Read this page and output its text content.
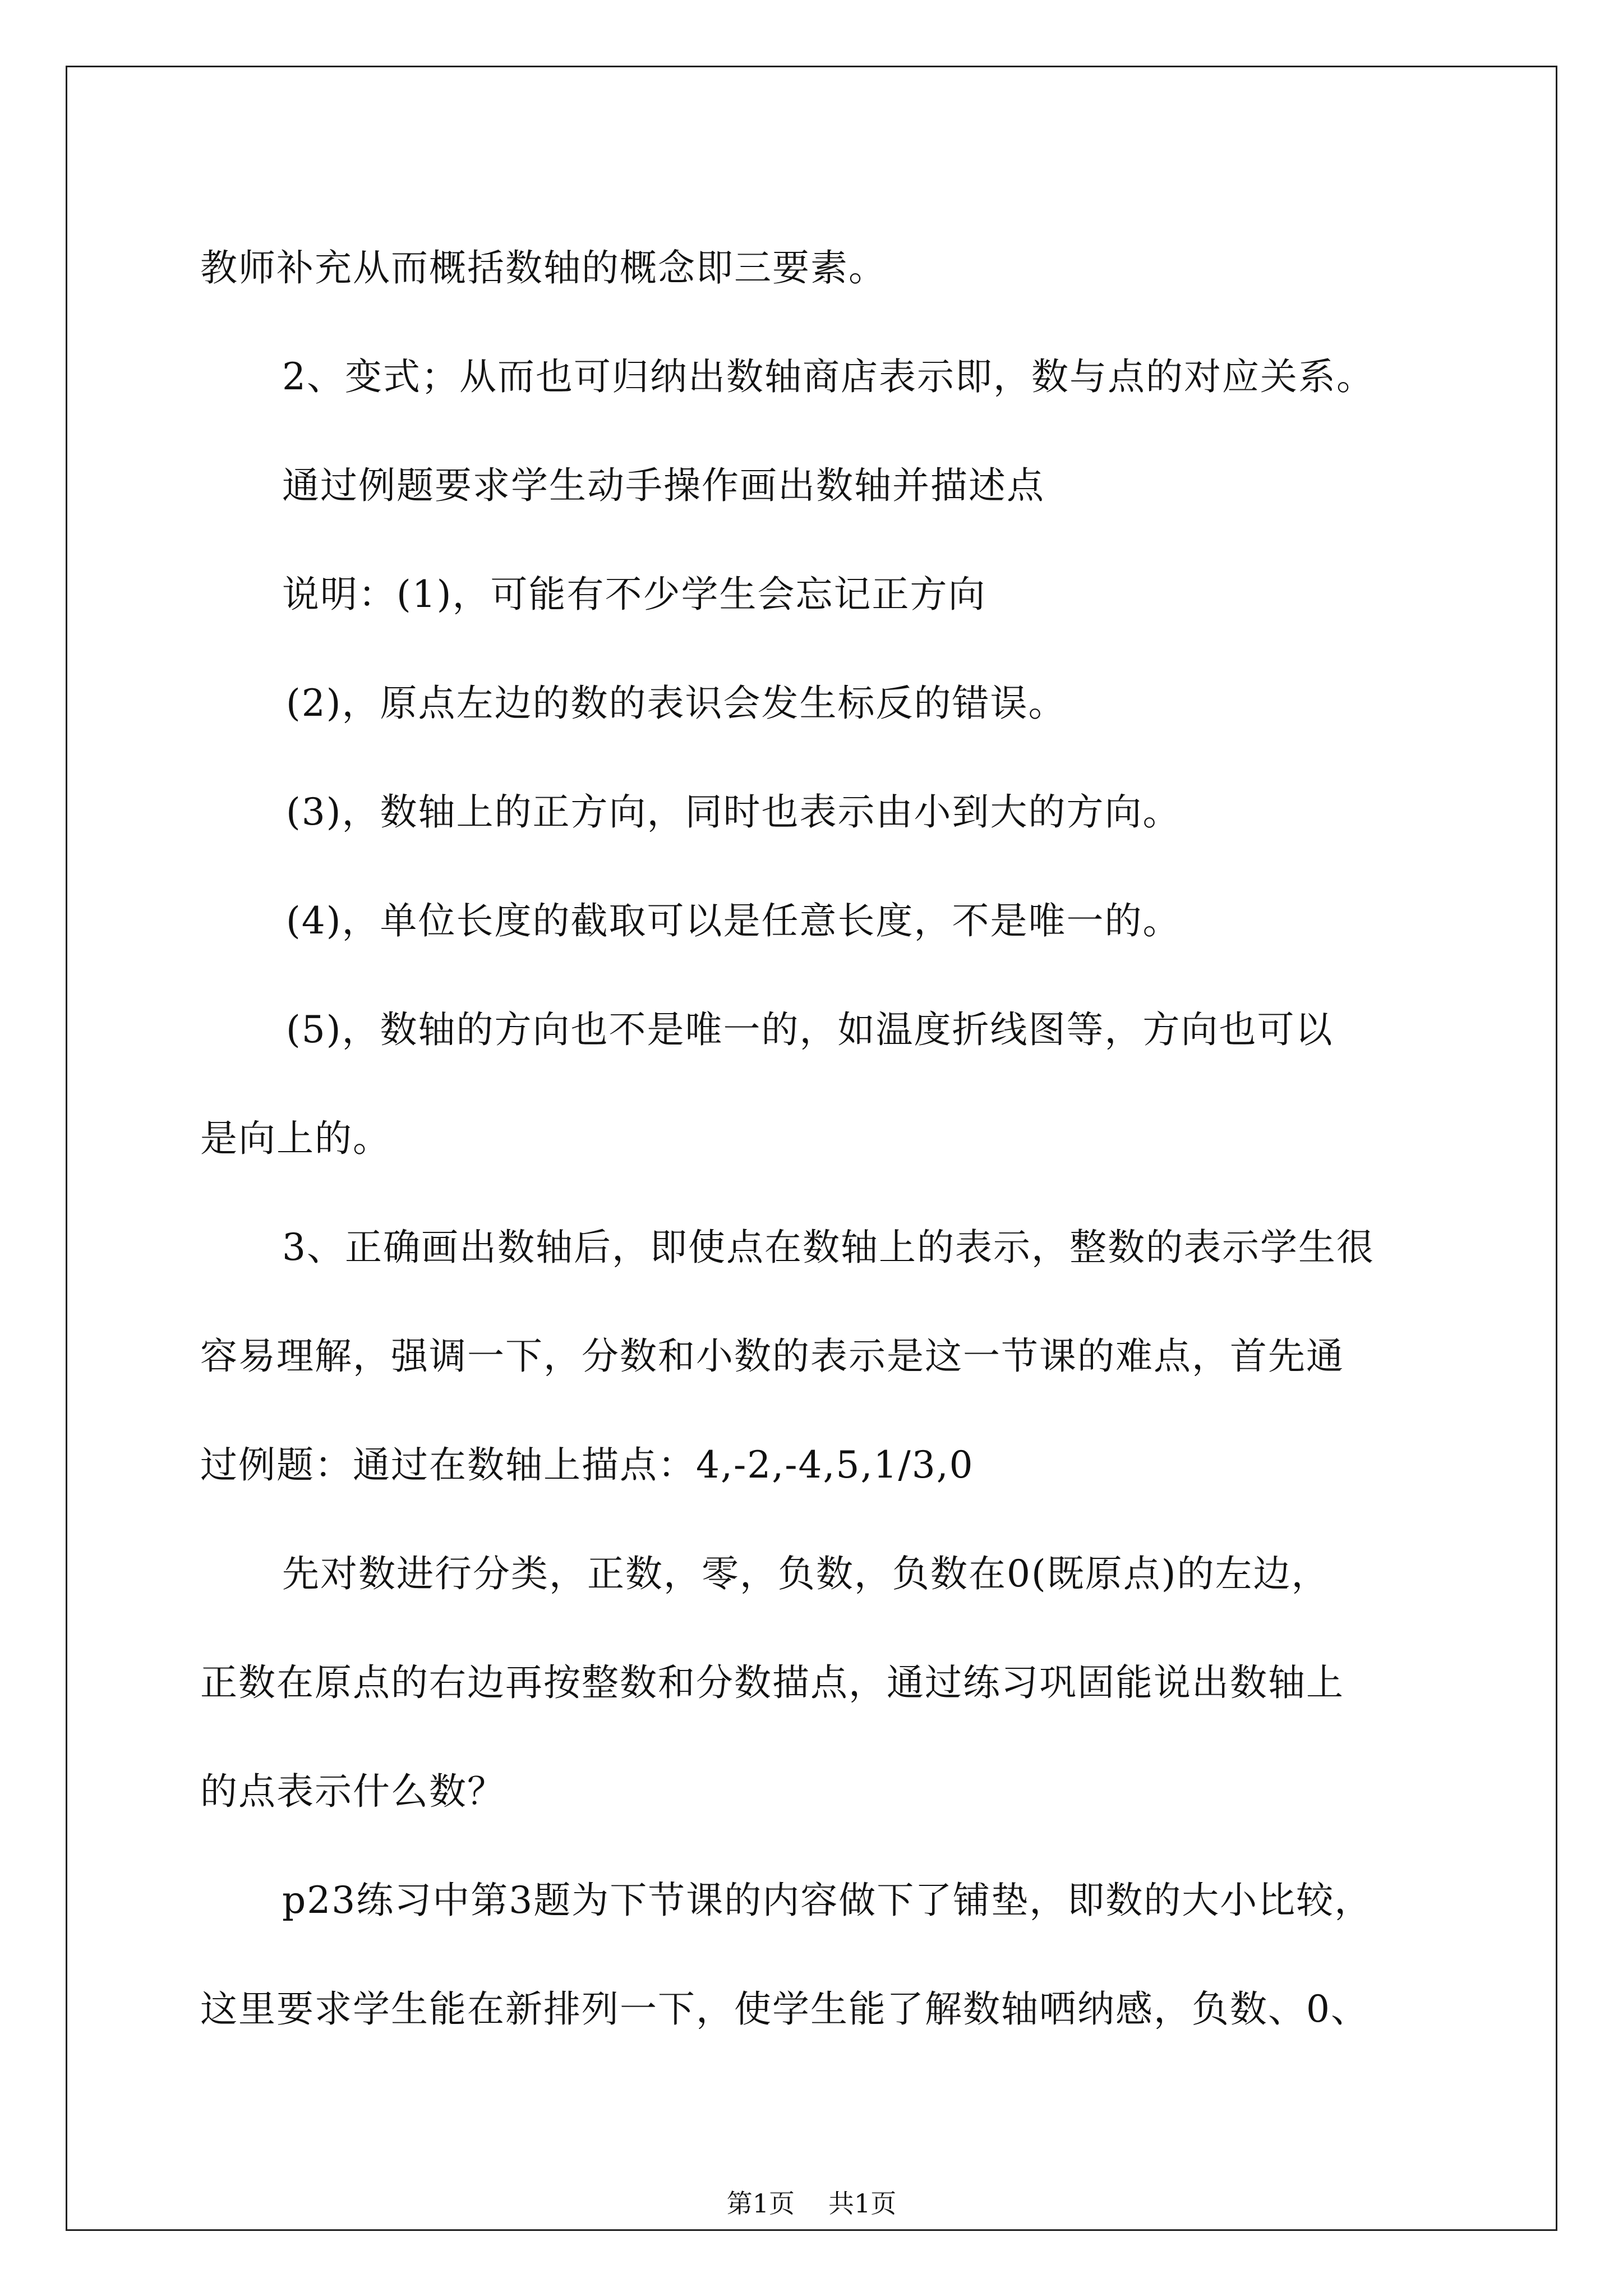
教师补充从而概括数轴的概念即三要素。
2、变式；从而也可归纳出数轴商店表示即，数与点的对应关系。
通过例题要求学生动手操作画出数轴并描述点
说明：(1)，可能有不少学生会忘记正方向
(2)，原点左边的数的表识会发生标反的错误。
(3)，数轴上的正方向，同时也表示由小到大的方向。
(4)，单位长度的截取可以是任意长度，不是唯一的。
(5)，数轴的方向也不是唯一的，如温度折线图等，方向也可以
是向上的。
3、正确画出数轴后，即使点在数轴上的表示，整数的表示学生很
容易理解，强调一下，分数和小数的表示是这一节课的难点，首先通
过例题：通过在数轴上描点：4,-2,-4,5,1/3,0
先对数进行分类，正数，零，负数，负数在0(既原点)的左边，
正数在原点的右边再按整数和分数描点，通过练习巩固能说出数轴上
的点表示什么数？
p23练习中第3题为下节课的内容做下了铺垫，即数的大小比较，
这里要求学生能在新排列一下，使学生能了解数轴哂纳感，负数、0、
第1页 共1页
